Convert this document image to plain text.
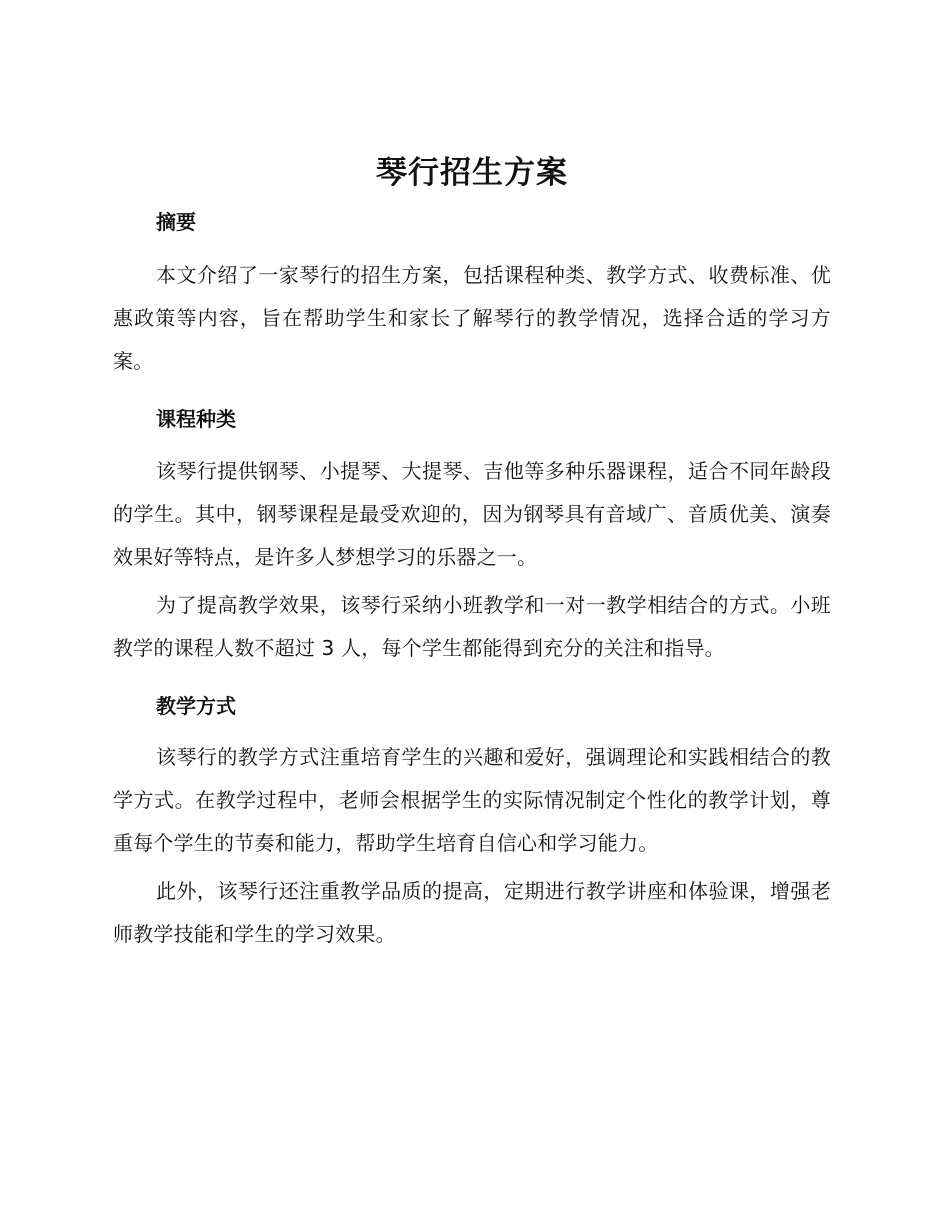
琴行招生方案
摘要

本文介绍了一家琴行的招生方案，包括课程种类、教学方式、收费标准、优惠政策等内容，旨在帮助学生和家长了解琴行的教学情况，选择合适的学习方案。

课程种类

该琴行提供钢琴、小提琴、大提琴、吉他等多种乐器课程，适合不同年龄段的学生。其中，钢琴课程是最受欢迎的，因为钢琴具有音域广、音质优美、演奏效果好等特点，是许多人梦想学习的乐器之一。

为了提高教学效果，该琴行采纳小班教学和一对一教学相结合的方式。小班教学的课程人数不超过 3 人，每个学生都能得到充分的关注和指导。

教学方式

该琴行的教学方式注重培育学生的兴趣和爱好，强调理论和实践相结合的教学方式。在教学过程中，老师会根据学生的实际情况制定个性化的教学计划，尊重每个学生的节奏和能力，帮助学生培育自信心和学习能力。

此外，该琴行还注重教学品质的提高，定期进行教学讲座和体验课，增强老师教学技能和学生的学习效果。
